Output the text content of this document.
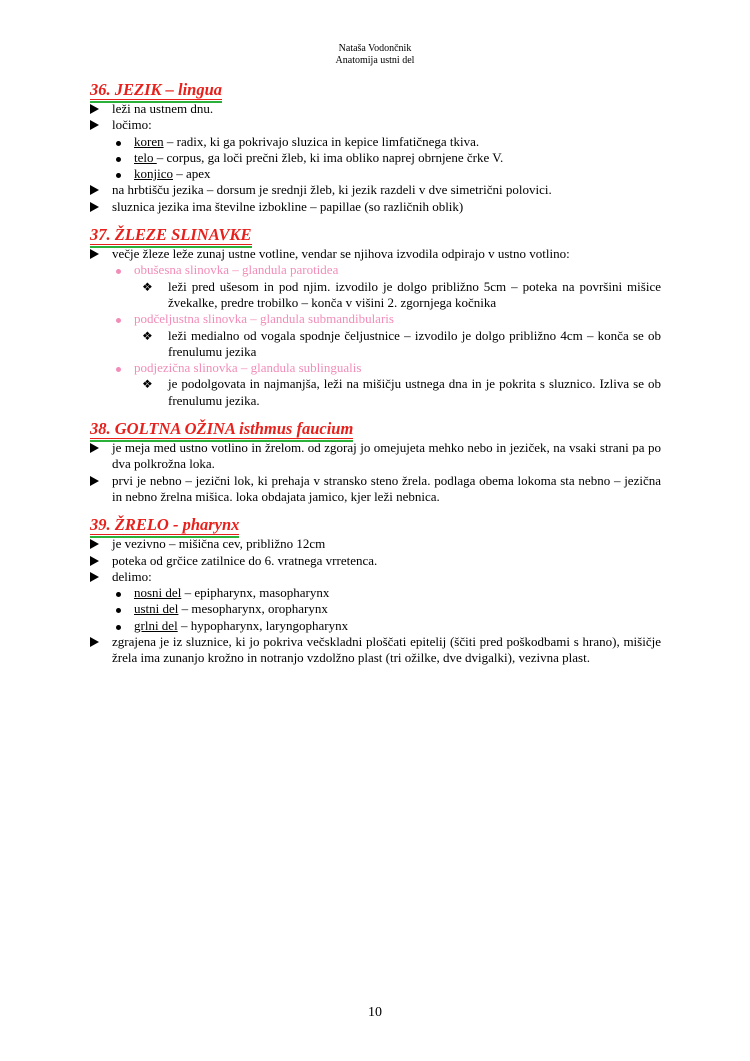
Nataša Vodončnik
Anatomija ustni del
36. JEZIK – lingua
leži na ustnem dnu.
ločimo:
koren – radix, ki ga pokrivajo sluzica in kepice limfatičnega tkiva.
telo – corpus, ga loči prečni žleb, ki ima obliko naprej obrnjene črke V.
konjico – apex
na hrbtišču jezika – dorsum je srednji žleb, ki jezik razdeli v dve simetrični polovici.
sluznica jezika ima številne izbokline – papillae (so različnih oblik)
37. ŽLEZE SLINAVKE
večje žleze leže zunaj ustne votline, vendar se njihova izvodila odpirajo v ustno votlino:
obušesna slinovka – glandula parotidea
❖ leži pred ušesom in pod njim. izvodilo je dolgo približno 5cm – poteka na površini mišice žvekalke, predre trobilko – konča v višini 2. zgornjega kočnika
podčeljustna slinovka – glandula submandibularis
❖ leži medialno od vogala spodnje čeljustnice – izvodilo je dolgo približno 4cm – konča se ob frenulumu jezika
podjezična slinovka – glandula sublingualis
❖ je podolgovata in najmanjša, leži na mišičju ustnega dna in je pokrita s sluznico. Izliva se ob frenulumu jezika.
38. GOLTNA OŽINA isthmus faucium
je meja med ustno votlino in žrelom. od zgoraj jo omejujeta mehko nebo in jeziček, na vsaki strani pa po dva polkrožna loka.
prvi je nebno – jezični lok, ki prehaja v stransko steno žrela. podlaga obema lokoma sta nebno – jezična in nebno žrelna mišica. loka obdajata jamico, kjer leži nebnica.
39. ŽRELO - pharynx
je vezivno – mišična cev, približno 12cm
poteka od grčice zatilnice do 6. vratnega vrretenca.
delimo:
nosni del – epipharynx, masopharynx
ustni del – mesopharynx, oropharynx
grlni del – hypopharynx, laryngopharynx
zgrajena je iz sluznice, ki jo pokriva večskladni ploščati epitelij (ščiti pred poškodbami s hrano), mišičje žrela ima zunanjo krožno in notranjo vzdolžno plast (tri ožilke, dve dvigalki), vezivna plast.
10
